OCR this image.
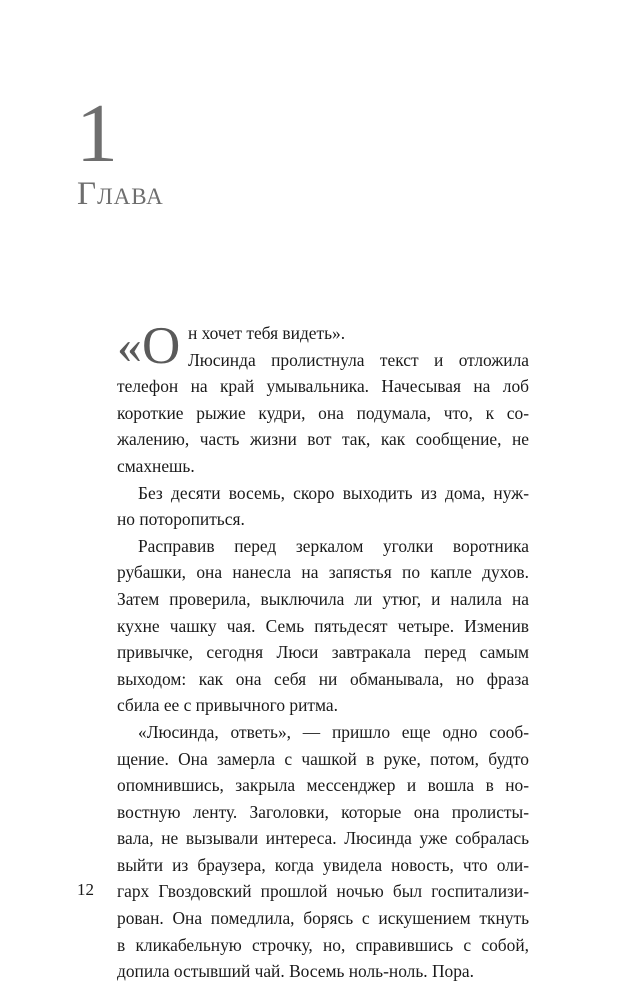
1
Глава
«О н хочет тебя видеть».
Люсинда пролистнула текст и отложила
телефон на край умывальника. Начесывая на лоб
короткие рыжие кудри, она подумала, что, к со-
жалению, часть жизни вот так, как сообщение, не
смахнешь.
Без десяти восемь, скоро выходить из дома, нуж-
но поторопиться.
Расправив перед зеркалом уголки воротника
рубашки, она нанесла на запястья по капле духов.
Затем проверила, выключила ли утюг, и налила на
кухне чашку чая. Семь пятьдесят четыре. Изменив
привычке, сегодня Люси завтракала перед самым
выходом: как она себя ни обманывала, но фраза
сбила ее с привычного ритма.
«Люсинда, ответь», — пришло еще одно сооб-
щение. Она замерла с чашкой в руке, потом, будто
опомнившись, закрыла мессенджер и вошла в но-
востную ленту. Заголовки, которые она пролисты-
вала, не вызывали интереса. Люсинда уже собралась
выйти из браузера, когда увидела новость, что оли-
гарх Гвоздовский прошлой ночью был госпитализи-
рован. Она помедлила, борясь с искушением ткнуть
в кликабельную строчку, но, справившись с собой,
допила остывший чай. Восемь ноль-ноль. Пора.
12
